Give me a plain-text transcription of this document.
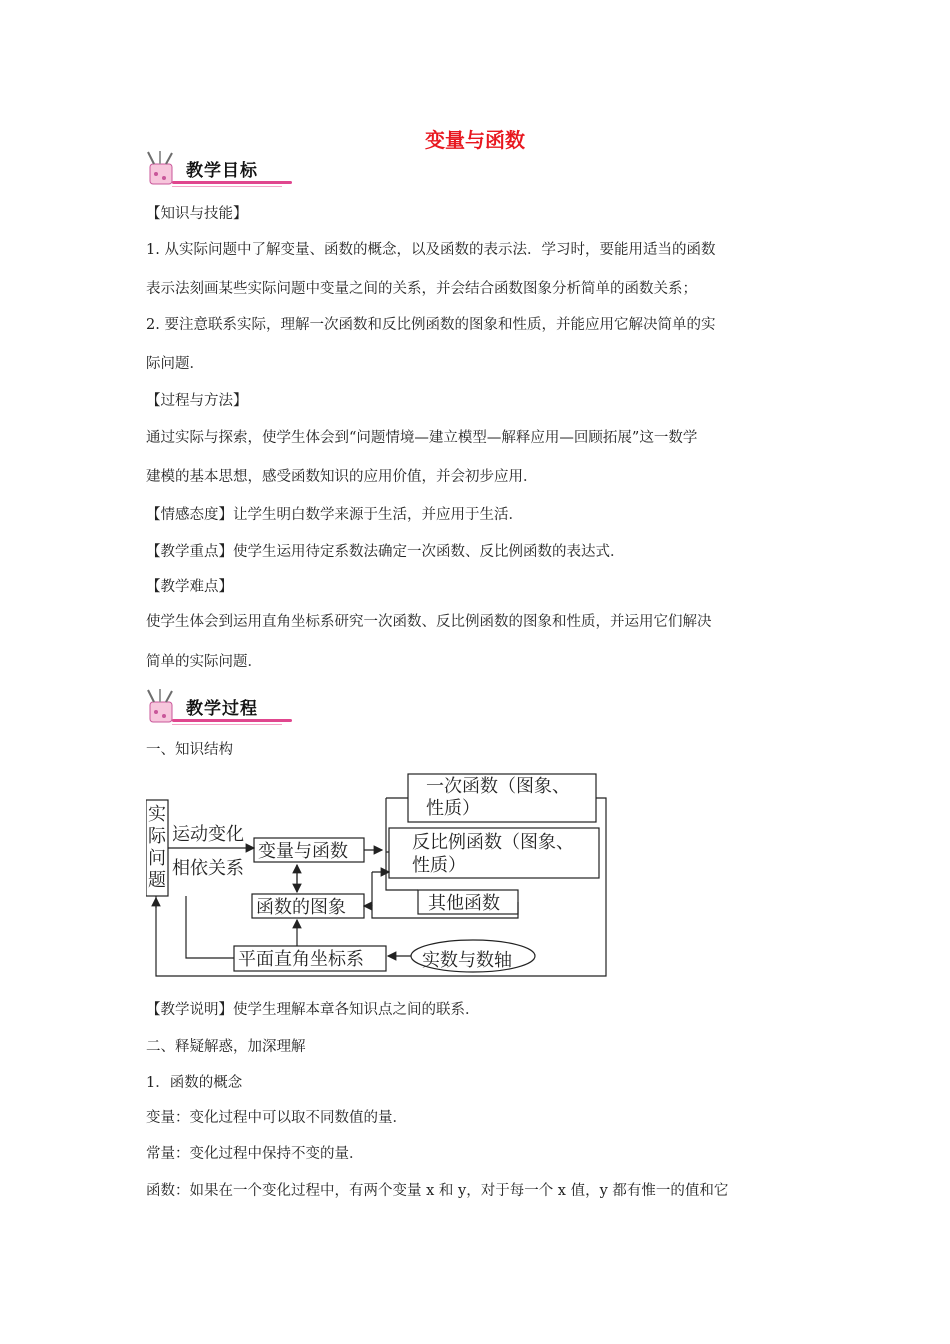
变量与函数
教学目标
【知识与技能】
1. 从实际问题中了解变量、函数的概念，以及函数的表示法．学习时，要能用适当的函数
表示法刻画某些实际问题中变量之间的关系，并会结合函数图象分析简单的函数关系；
2. 要注意联系实际，理解一次函数和反比例函数的图象和性质，并能应用它解决简单的实
际问题．
【过程与方法】
通过实际与探索，使学生体会到“问题情境—建立模型—解释应用—回顾拓展”这一数学
建模的基本思想，感受函数知识的应用价值，并会初步应用．
【情感态度】让学生明白数学来源于生活，并应用于生活．
【教学重点】使学生运用待定系数法确定一次函数、反比例函数的表达式．
【教学难点】
使学生体会到运用直角坐标系研究一次函数、反比例函数的图象和性质，并运用它们解决
简单的实际问题．
教学过程
一、知识结构
实
际
问
题
运动变化
相依关系
变量与函数
函数的图象
平面直角坐标系	实数与数轴
一次函数（图象、
性质）
反比例函数（图象、
性质）
其他函数
【教学说明】使学生理解本章各知识点之间的联系．
二、释疑解惑，加深理解
1．函数的概念
变量：变化过程中可以取不同数值的量．
常量：变化过程中保持不变的量．
函数：如果在一个变化过程中，有两个变量 x 和 y，对于每一个 x 值，y 都有惟一的值和它
